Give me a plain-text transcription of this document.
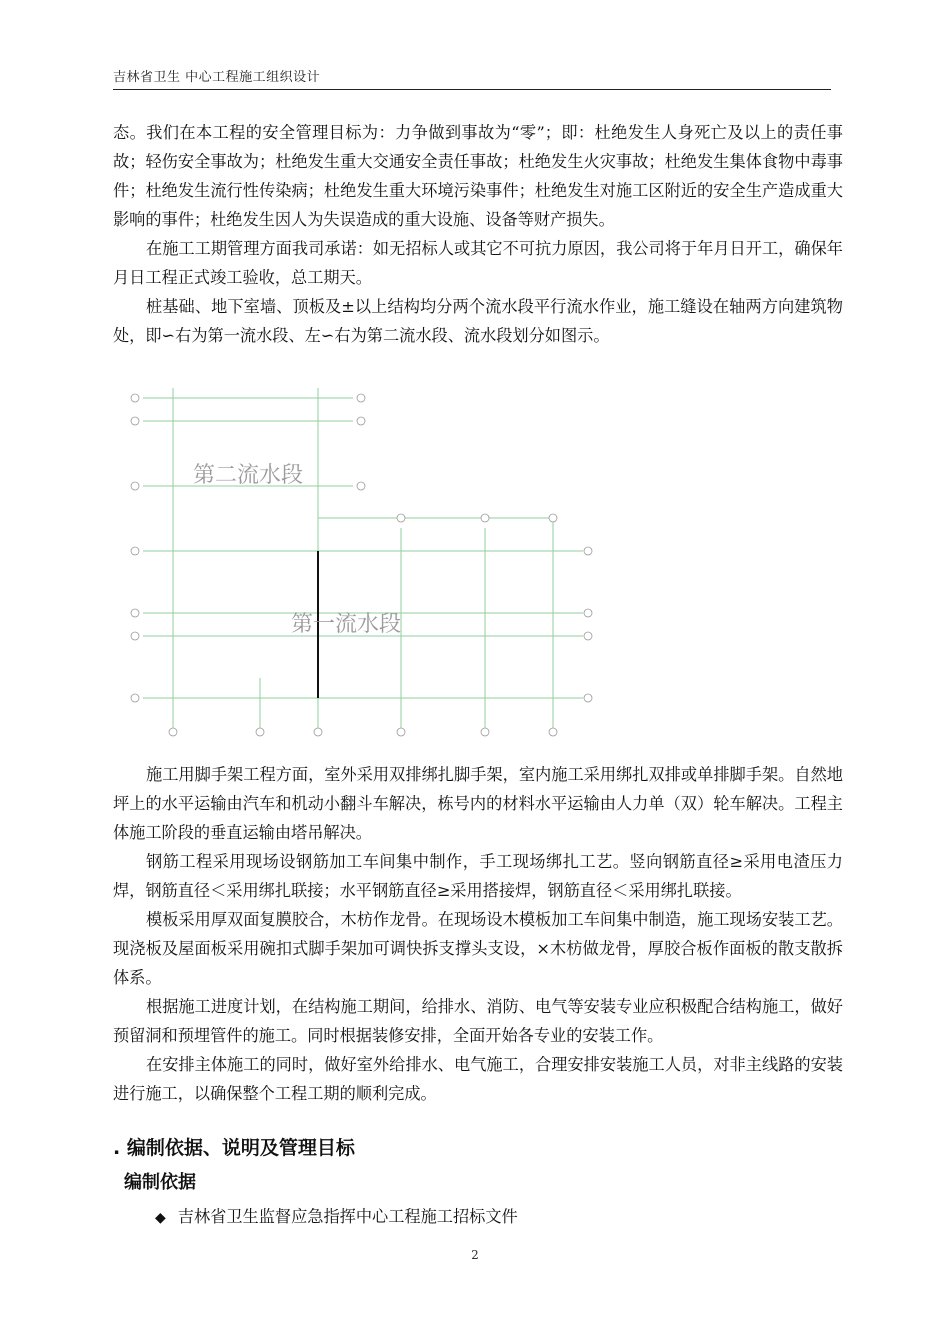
吉林省卫生 中心工程施工组织设计

态。我们在本工程的安全管理目标为：力争做到事故为“零”；即：杜绝发生人身死亡及以上的责任事故；轻伤安全事故为；杜绝发生重大交通安全责任事故；杜绝发生火灾事故；杜绝发生集体食物中毒事件；杜绝发生流行性传染病；杜绝发生重大环境污染事件；杜绝发生对施工区附近的安全生产造成重大影响的事件；杜绝发生因人为失误造成的重大设施、设备等财产损失。

在施工工期管理方面我司承诺：如无招标人或其它不可抗力原因，我公司将于年月日开工，确保年月日工程正式竣工验收，总工期天。

桩基础、地下室墙、顶板及±以上结构均分两个流水段平行流水作业，施工缝设在轴两方向建筑物处，即∽右为第一流水段、左∽右为第二流水段、流水段划分如图示。

第二流水段
第一流水段

施工用脚手架工程方面，室外采用双排绑扎脚手架，室内施工采用绑扎双排或单排脚手架。自然地坪上的水平运输由汽车和机动小翻斗车解决，栋号内的材料水平运输由人力单（双）轮车解决。工程主体施工阶段的垂直运输由塔吊解决。

钢筋工程采用现场设钢筋加工车间集中制作，手工现场绑扎工艺。竖向钢筋直径≥采用电渣压力焊，钢筋直径＜采用绑扎联接；水平钢筋直径≥采用搭接焊，钢筋直径＜采用绑扎联接。

模板采用厚双面复膜胶合，木枋作龙骨。在现场设木模板加工车间集中制造，施工现场安装工艺。现浇板及屋面板采用碗扣式脚手架加可调快拆支撑头支设，×木枋做龙骨，厚胶合板作面板的散支散拆体系。

根据施工进度计划，在结构施工期间，给排水、消防、电气等安装专业应积极配合结构施工，做好预留洞和预埋管件的施工。同时根据装修安排，全面开始各专业的安装工作。

在安排主体施工的同时，做好室外给排水、电气施工，合理安排安装施工人员，对非主线路的安装进行施工，以确保整个工程工期的顺利完成。

. 编制依据、说明及管理目标
编制依据
◆ 吉林省卫生监督应急指挥中心工程施工招标文件
2
